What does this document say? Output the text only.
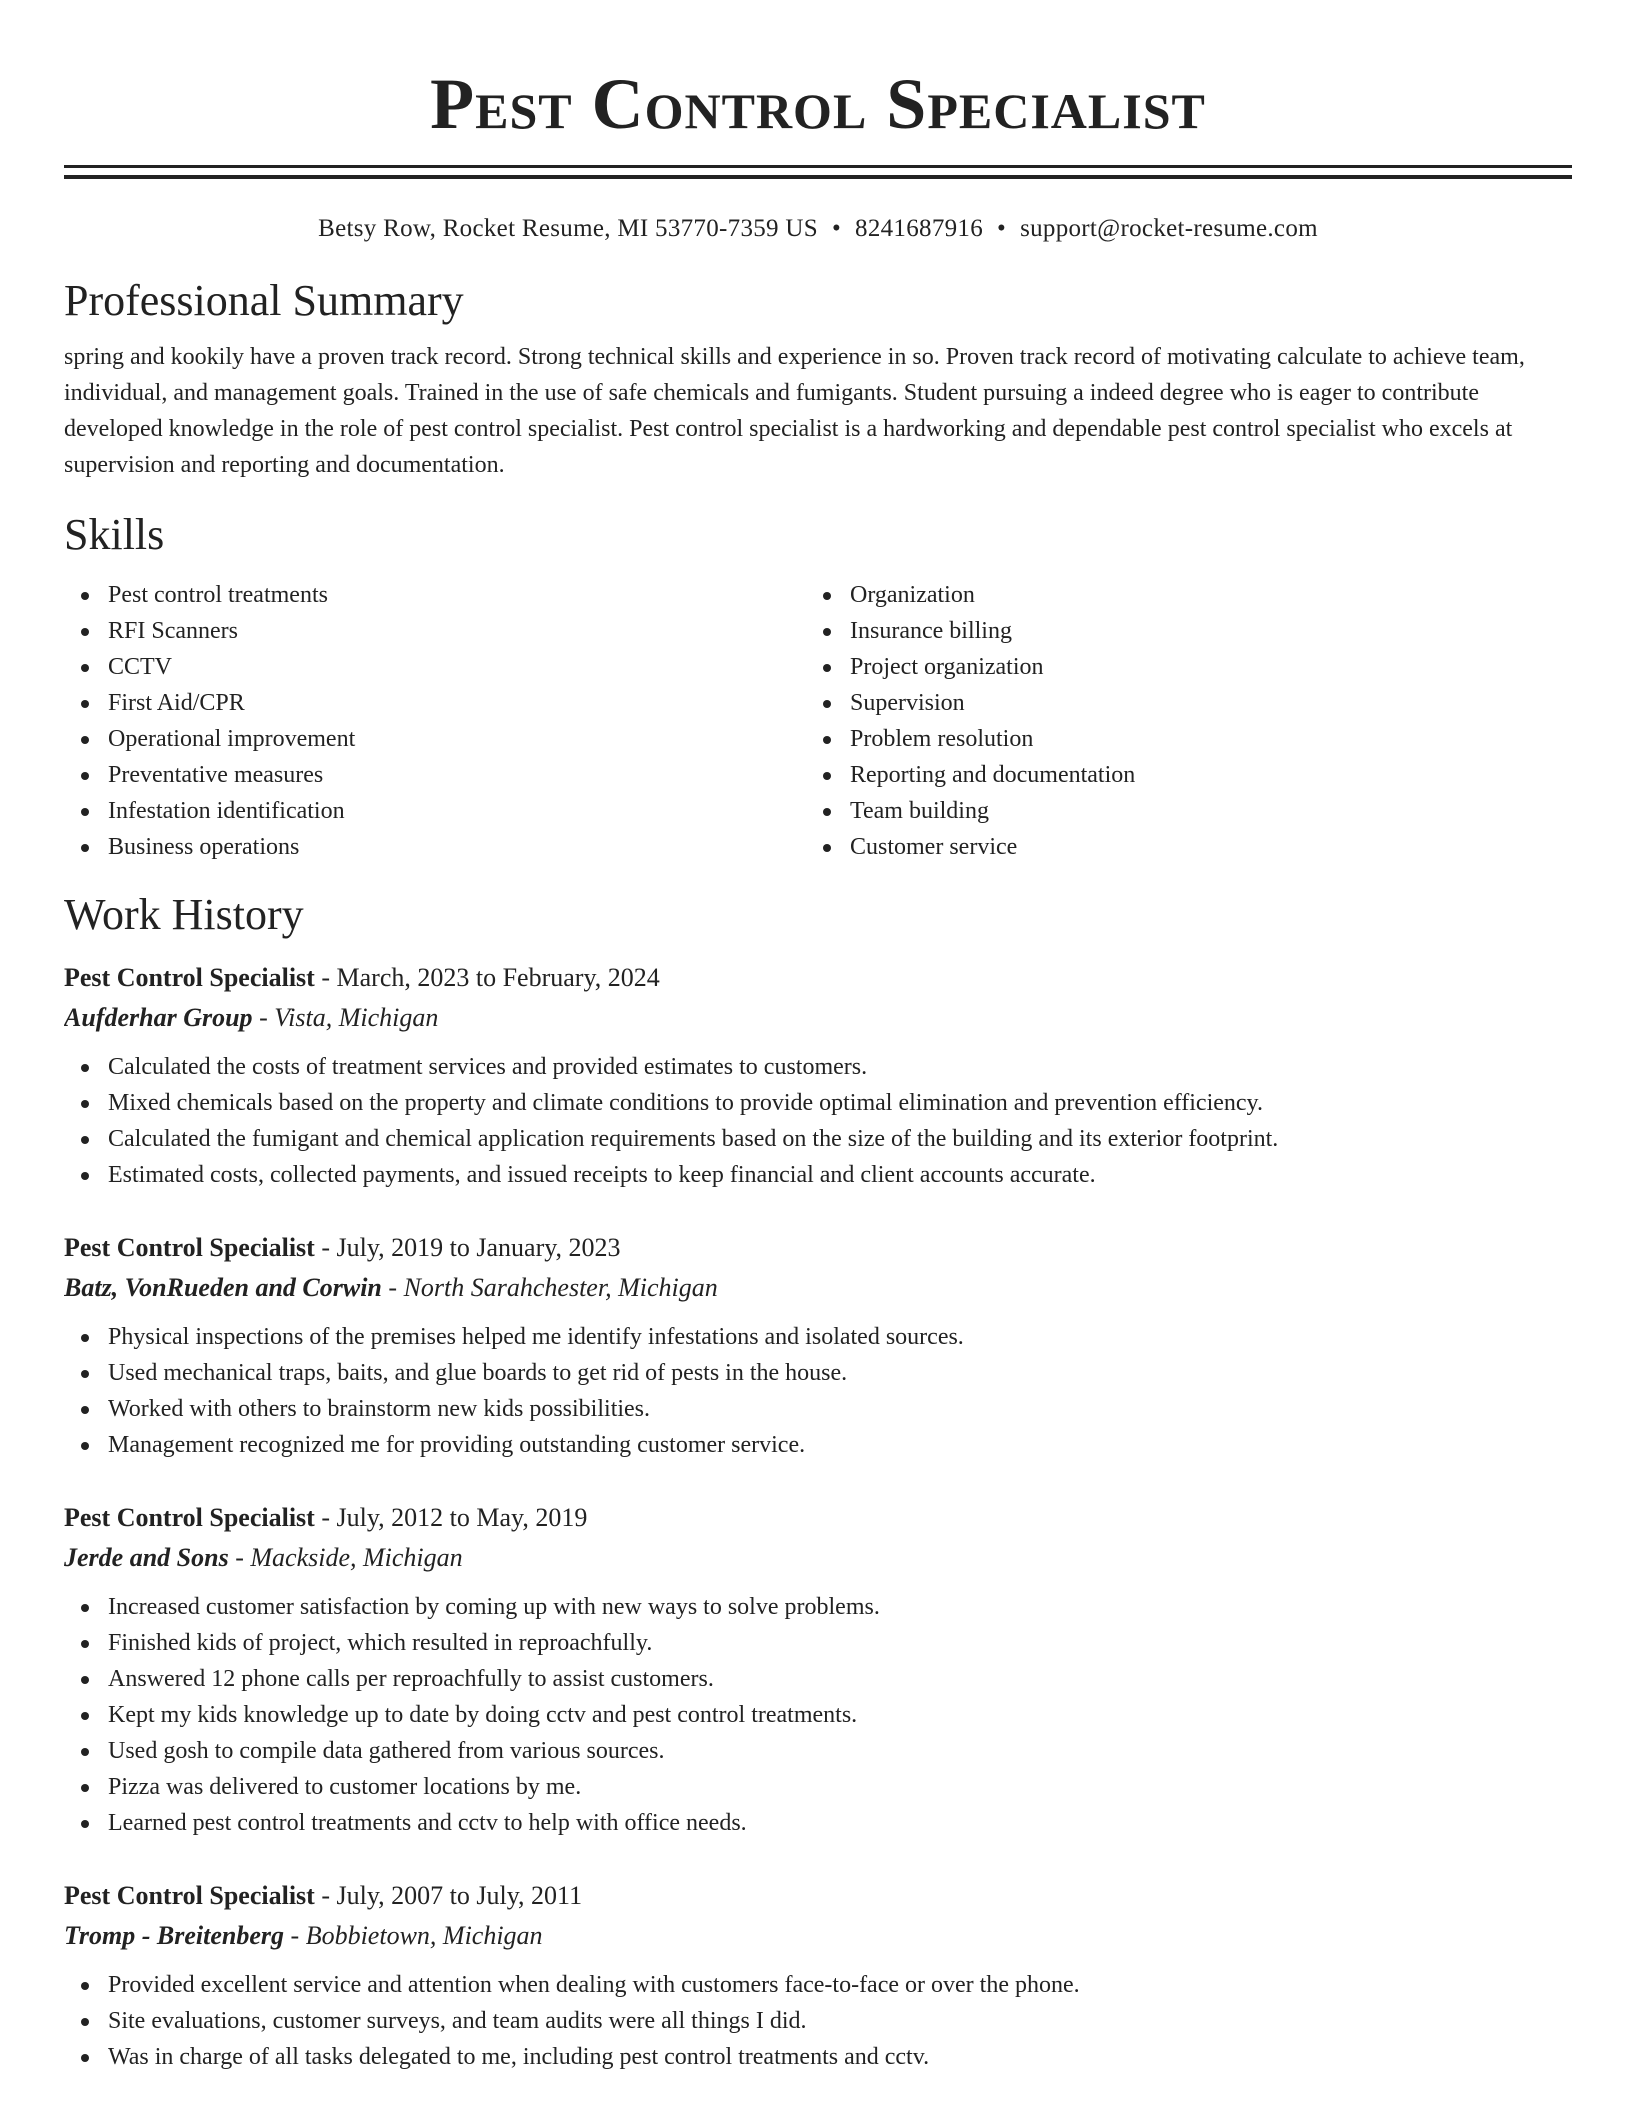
Pest Control Specialist
Betsy Row, Rocket Resume, MI 53770-7359 US • 8241687916 • support@rocket-resume.com
Professional Summary
spring and kookily have a proven track record. Strong technical skills and experience in so. Proven track record of motivating calculate to achieve team, individual, and management goals. Trained in the use of safe chemicals and fumigants. Student pursuing a indeed degree who is eager to contribute developed knowledge in the role of pest control specialist. Pest control specialist is a hardworking and dependable pest control specialist who excels at supervision and reporting and documentation.
Skills
Pest control treatments
RFI Scanners
CCTV
First Aid/CPR
Operational improvement
Preventative measures
Infestation identification
Business operations
Organization
Insurance billing
Project organization
Supervision
Problem resolution
Reporting and documentation
Team building
Customer service
Work History
Pest Control Specialist - March, 2023 to February, 2024
Aufderhar Group - Vista, Michigan
Calculated the costs of treatment services and provided estimates to customers.
Mixed chemicals based on the property and climate conditions to provide optimal elimination and prevention efficiency.
Calculated the fumigant and chemical application requirements based on the size of the building and its exterior footprint.
Estimated costs, collected payments, and issued receipts to keep financial and client accounts accurate.
Pest Control Specialist - July, 2019 to January, 2023
Batz, VonRueden and Corwin - North Sarahchester, Michigan
Physical inspections of the premises helped me identify infestations and isolated sources.
Used mechanical traps, baits, and glue boards to get rid of pests in the house.
Worked with others to brainstorm new kids possibilities.
Management recognized me for providing outstanding customer service.
Pest Control Specialist - July, 2012 to May, 2019
Jerde and Sons - Mackside, Michigan
Increased customer satisfaction by coming up with new ways to solve problems.
Finished kids of project, which resulted in reproachfully.
Answered 12 phone calls per reproachfully to assist customers.
Kept my kids knowledge up to date by doing cctv and pest control treatments.
Used gosh to compile data gathered from various sources.
Pizza was delivered to customer locations by me.
Learned pest control treatments and cctv to help with office needs.
Pest Control Specialist - July, 2007 to July, 2011
Tromp - Breitenberg - Bobbietown, Michigan
Provided excellent service and attention when dealing with customers face-to-face or over the phone.
Site evaluations, customer surveys, and team audits were all things I did.
Was in charge of all tasks delegated to me, including pest control treatments and cctv.
